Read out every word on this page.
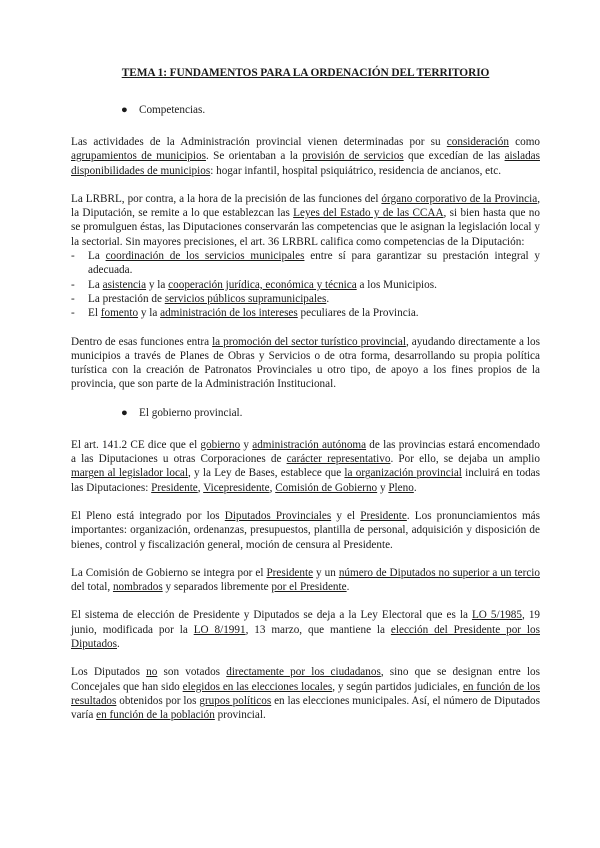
TEMA 1: FUNDAMENTOS PARA LA ORDENACIÓN DEL TERRITORIO
● Competencias.

Las actividades de la Administración provincial vienen determinadas por su consideración como agrupamientos de municipios. Se orientaban a la provisión de servicios que excedían de las aisladas disponibilidades de municipios: hogar infantil, hospital psiquiátrico, residencia de ancianos, etc.

La LRBRL, por contra, a la hora de la precisión de las funciones del órgano corporativo de la Provincia, la Diputación, se remite a lo que establezcan las Leyes del Estado y de las CCAA, si bien hasta que no se promulguen éstas, las Diputaciones conservarán las competencias que le asignan la legislación local y la sectorial. Sin mayores precisiones, el art. 36 LRBRL califica como competencias de la Diputación:

- La coordinación de los servicios municipales entre sí para garantizar su prestación integral y adecuada.
- La asistencia y la cooperación jurídica, económica y técnica a los Municipios.
- La prestación de servicios públicos supramunicipales.
- El fomento y la administración de los intereses peculiares de la Provincia.

Dentro de esas funciones entra la promoción del sector turístico provincial, ayudando directamente a los municipios a través de Planes de Obras y Servicios o de otra forma, desarrollando su propia política turística con la creación de Patronatos Provinciales u otro tipo, de apoyo a los fines propios de la provincia, que son parte de la Administración Institucional.

● El gobierno provincial.

El art. 141.2 CE dice que el gobierno y administración autónoma de las provincias estará encomendado a las Diputaciones u otras Corporaciones de carácter representativo. Por ello, se dejaba un amplio margen al legislador local, y la Ley de Bases, establece que la organización provincial incluirá en todas las Diputaciones: Presidente, Vicepresidente, Comisión de Gobierno y Pleno.

El Pleno está integrado por los Diputados Provinciales y el Presidente. Los pronunciamientos más importantes: organización, ordenanzas, presupuestos, plantilla de personal, adquisición y disposición de bienes, control y fiscalización general, moción de censura al Presidente.

La Comisión de Gobierno se integra por el Presidente y un número de Diputados no superior a un tercio del total, nombrados y separados libremente por el Presidente.

El sistema de elección de Presidente y Diputados se deja a la Ley Electoral que es la LO 5/1985, 19 junio, modificada por la LO 8/1991, 13 marzo, que mantiene la elección del Presidente por los Diputados.

Los Diputados no son votados directamente por los ciudadanos, sino que se designan entre los Concejales que han sido elegidos en las elecciones locales, y según partidos judiciales, en función de los resultados obtenidos por los grupos políticos en las elecciones municipales. Así, el número de Diputados varía en función de la población provincial.
